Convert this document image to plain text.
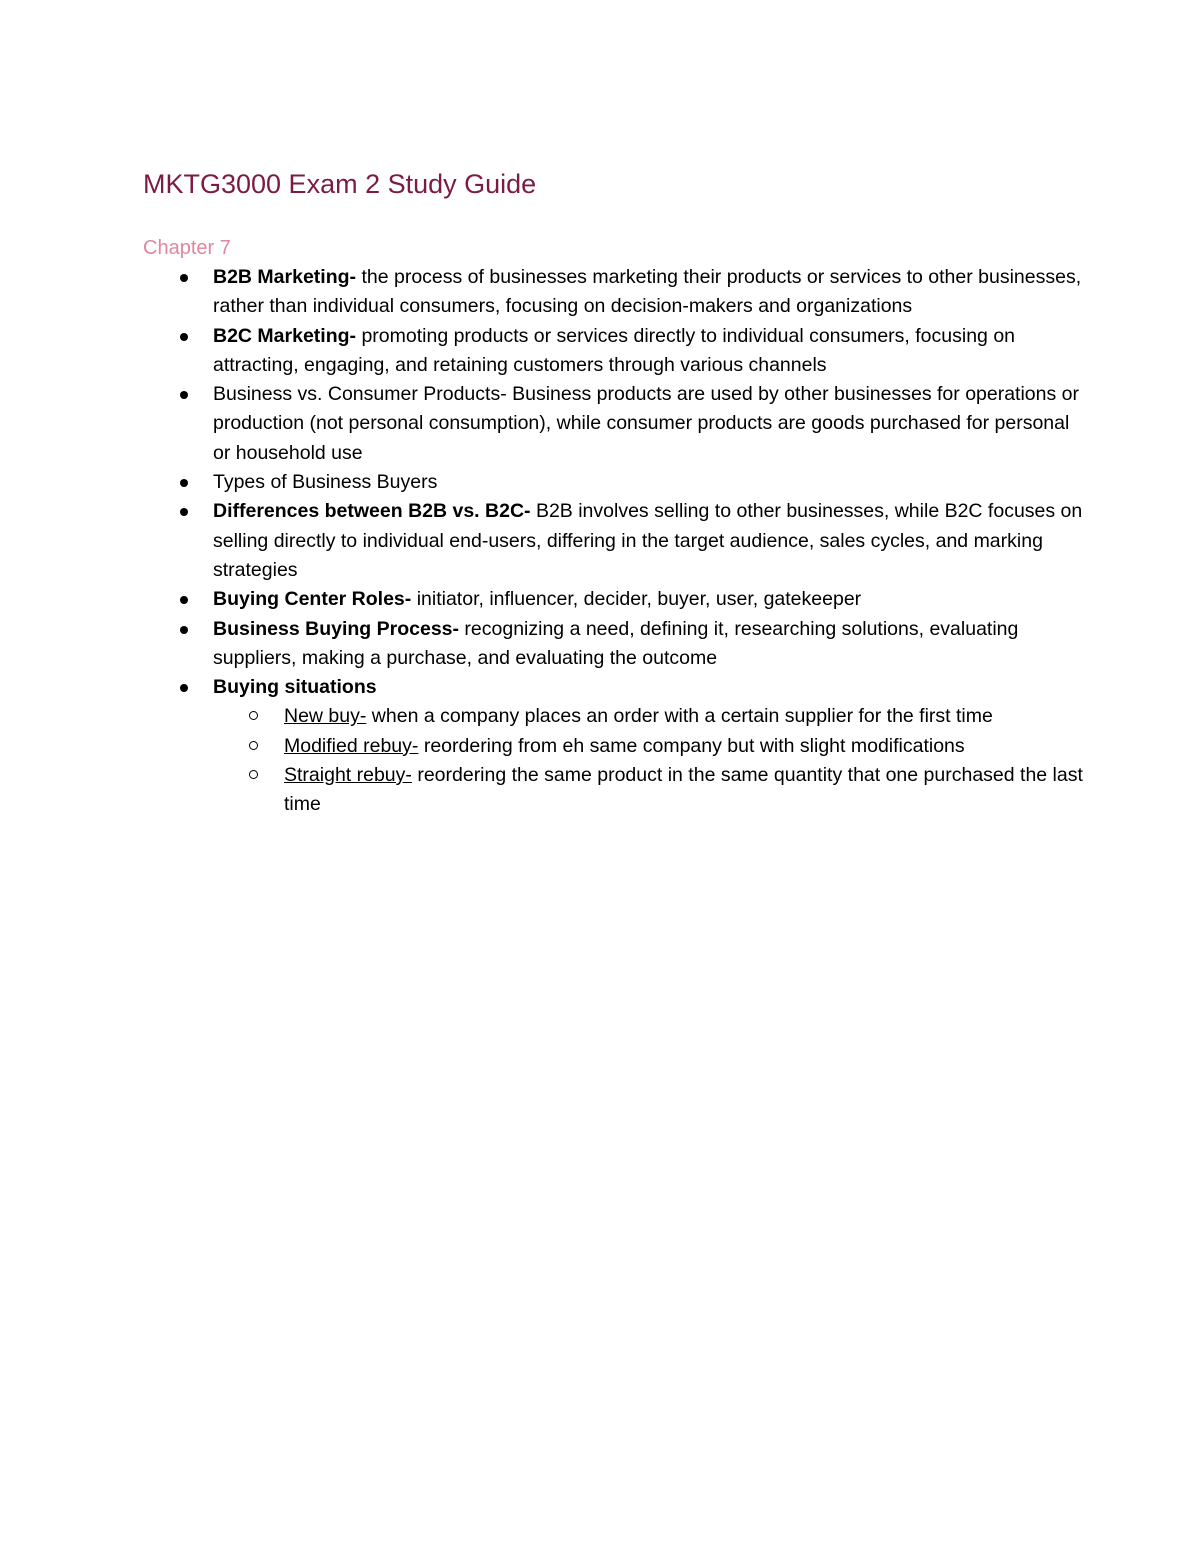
MKTG3000 Exam 2 Study Guide
Chapter 7
B2B Marketing- the process of businesses marketing their products or services to other businesses, rather than individual consumers, focusing on decision-makers and organizations
B2C Marketing- promoting products or services directly to individual consumers, focusing on attracting, engaging, and retaining customers through various channels
Business vs. Consumer Products- Business products are used by other businesses for operations or production (not personal consumption), while consumer products are goods purchased for personal or household use
Types of Business Buyers
Differences between B2B vs. B2C- B2B involves selling to other businesses, while B2C focuses on selling directly to individual end-users, differing in the target audience, sales cycles, and marking strategies
Buying Center Roles- initiator, influencer, decider, buyer, user, gatekeeper
Business Buying Process- recognizing a need, defining it, researching solutions, evaluating suppliers, making a purchase, and evaluating the outcome
Buying situations
New buy- when a company places an order with a certain supplier for the first time
Modified rebuy- reordering from eh same company but with slight modifications
Straight rebuy- reordering the same product in the same quantity that one purchased the last time
